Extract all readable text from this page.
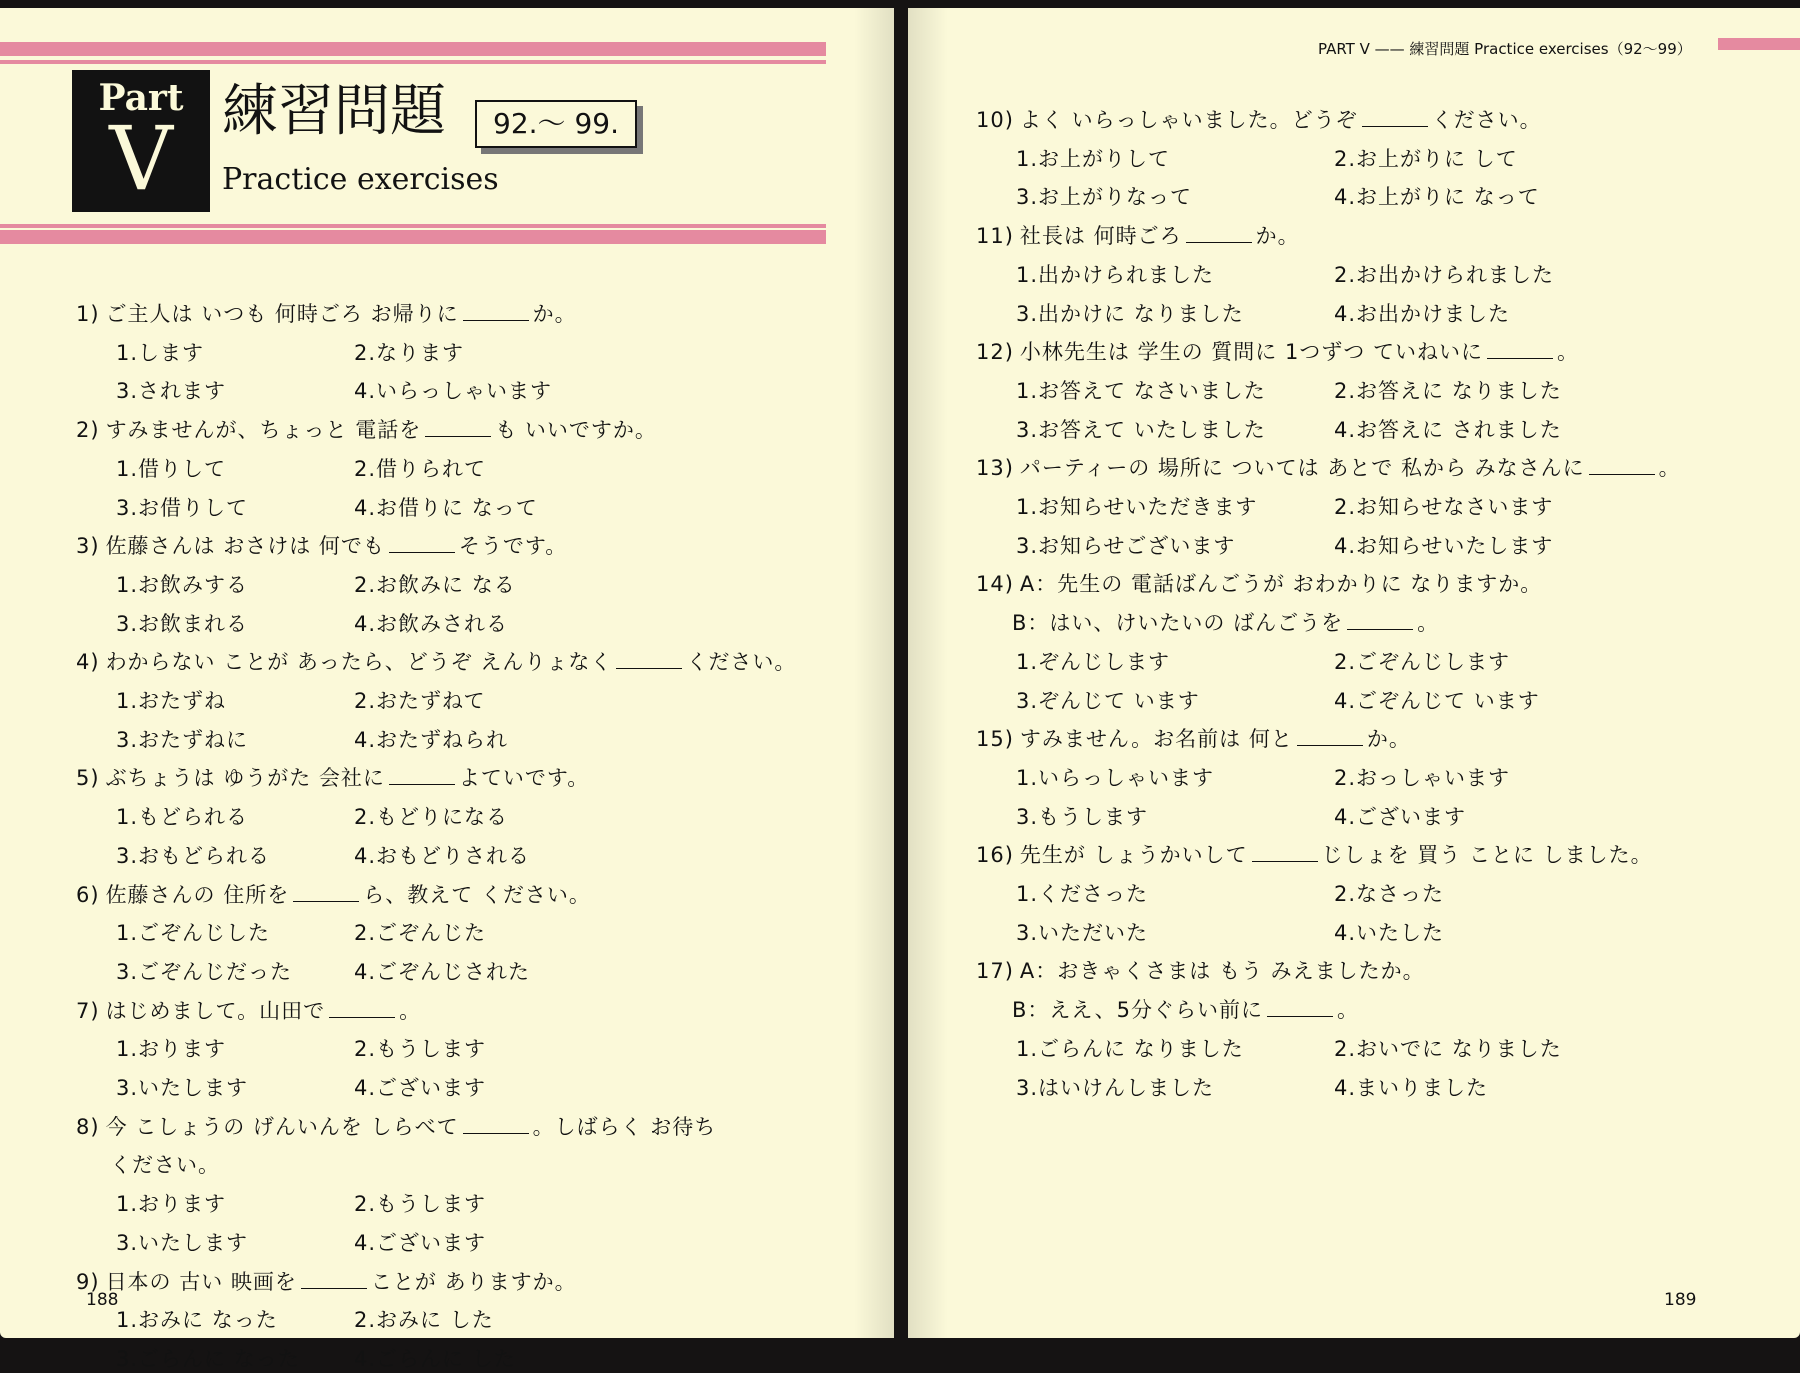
Part
V 練習問題	92.〜 99.
Practice exercises
1) ご主人は いつも 何時ごろ お帰りに	か。
1.します	2.なります
3.されます	4.いらっしゃいます
2) すみませんが、ちょっと 電話を	も いいですか。
1.借りして	2.借りられて
3.お借りして	4.お借りに なって
3) 佐藤さんは おさけは 何でも	そうです。
1.お飲みする	2.お飲みに なる
3.お飲まれる	4.お飲みされる
4) わからない ことが あったら、どうぞ えんりょなく	ください。
1.おたずね	2.おたずねて
3.おたずねに	4.おたずねられ
5) ぶちょうは ゆうがた 会社に	よていです。
1.もどられる	2.もどりになる
3.おもどられる	4.おもどりされる
6) 佐藤さんの 住所を	ら、教えて ください。
1.ごぞんじした	2.ごぞんじた
3.ごぞんじだった	4.ごぞんじされた
7) はじめまして。山田で	。
1.おります	2.もうします
3.いたします	4.ございます
8) 今 こしょうの げんいんを しらべて	。しばらく お待ち
ください。
1.おります	2.もうします
3.いたします	4.ございます
9) 日本の 古い 映画を	ことが ありますか。
1.おみに なった	2.おみに した
3.ごらんに なった	4.ごらんに した
188
PART V —— 練習問題 Practice exercises（92〜99）
10) よく いらっしゃいました。どうぞ	ください。
1.お上がりして	2.お上がりに して
3.お上がりなって	4.お上がりに なって
11) 社長は 何時ごろ	か。
1.出かけられました	2.お出かけられました
3.出かけに なりました	4.お出かけました
12) 小林先生は 学生の 質問に 1つずつ ていねいに	。
1.お答えて なさいました	2.お答えに なりました
3.お答えて いたしました	4.お答えに されました
13) パーティーの 場所に ついては あとで 私から みなさんに	。
1.お知らせいただきます	2.お知らせなさいます
3.お知らせございます	4.お知らせいたします
14) A：先生の 電話ばんごうが おわかりに なりますか。
B：はい、けいたいの ばんごうを	。
1.ぞんじします	2.ごぞんじします
3.ぞんじて います	4.ごぞんじて います
15) すみません。お名前は 何と	か。
1.いらっしゃいます	2.おっしゃいます
3.もうします	4.ございます
16) 先生が しょうかいして	じしょを 買う ことに しました。
1.くださった	2.なさった
3.いただいた	4.いたした
17) A：おきゃくさまは もう みえましたか。
B：ええ、5分ぐらい前に	。
1.ごらんに なりました	2.おいでに なりました
3.はいけんしました	4.まいりました
189
